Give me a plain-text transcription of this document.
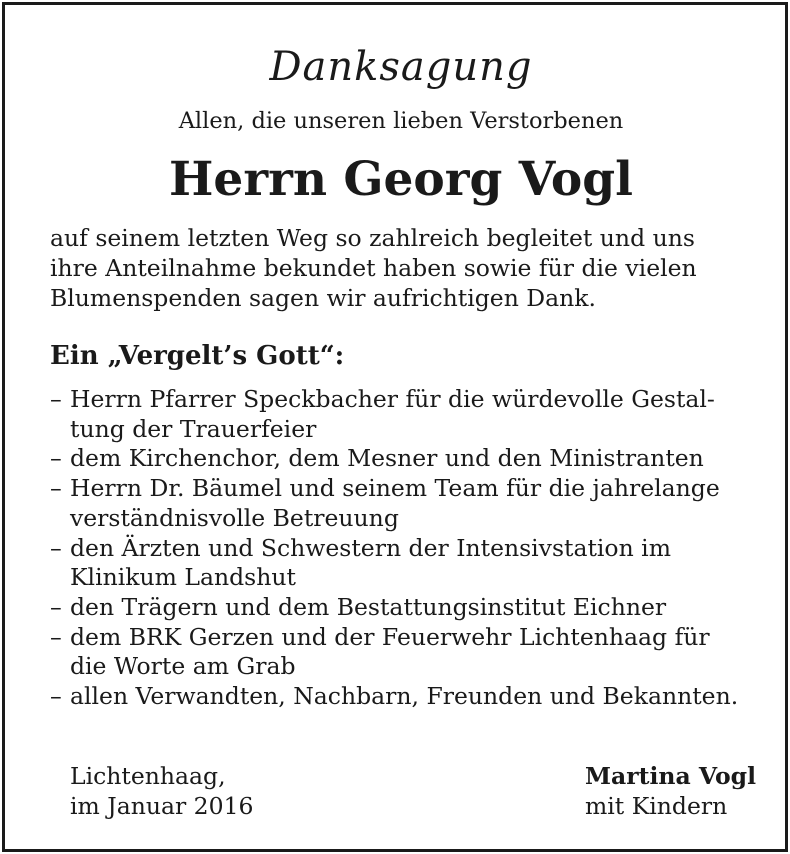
Danksagung
Allen, die unseren lieben Verstorbenen
Herrn Georg Vogl

auf seinem letzten Weg so zahlreich begleitet und uns

ihre Anteilnahme bekundet haben sowie für die vielen

Blumenspenden sagen wir aufrichtigen Dank.

Ein „Vergelt’s Gott“:
– Herrn Pfarrer Speckbacher für die würdevolle Gestal-
tung der Trauerfeier
– dem Kirchenchor, dem Mesner und den Ministranten
– Herrn Dr. Bäumel und seinem Team für die jahrelange
verständnisvolle Betreuung
– den Ärzten und Schwestern der Intensivstation im
Klinikum Landshut
– den Trägern und dem Bestattungsinstitut Eichner
– dem BRK Gerzen und der Feuerwehr Lichtenhaag für
die Worte am Grab
– allen Verwandten, Nachbarn, Freunden und Bekannten.
Lichtenhaag,
im Januar 2016
Martina Vogl
mit Kindern
